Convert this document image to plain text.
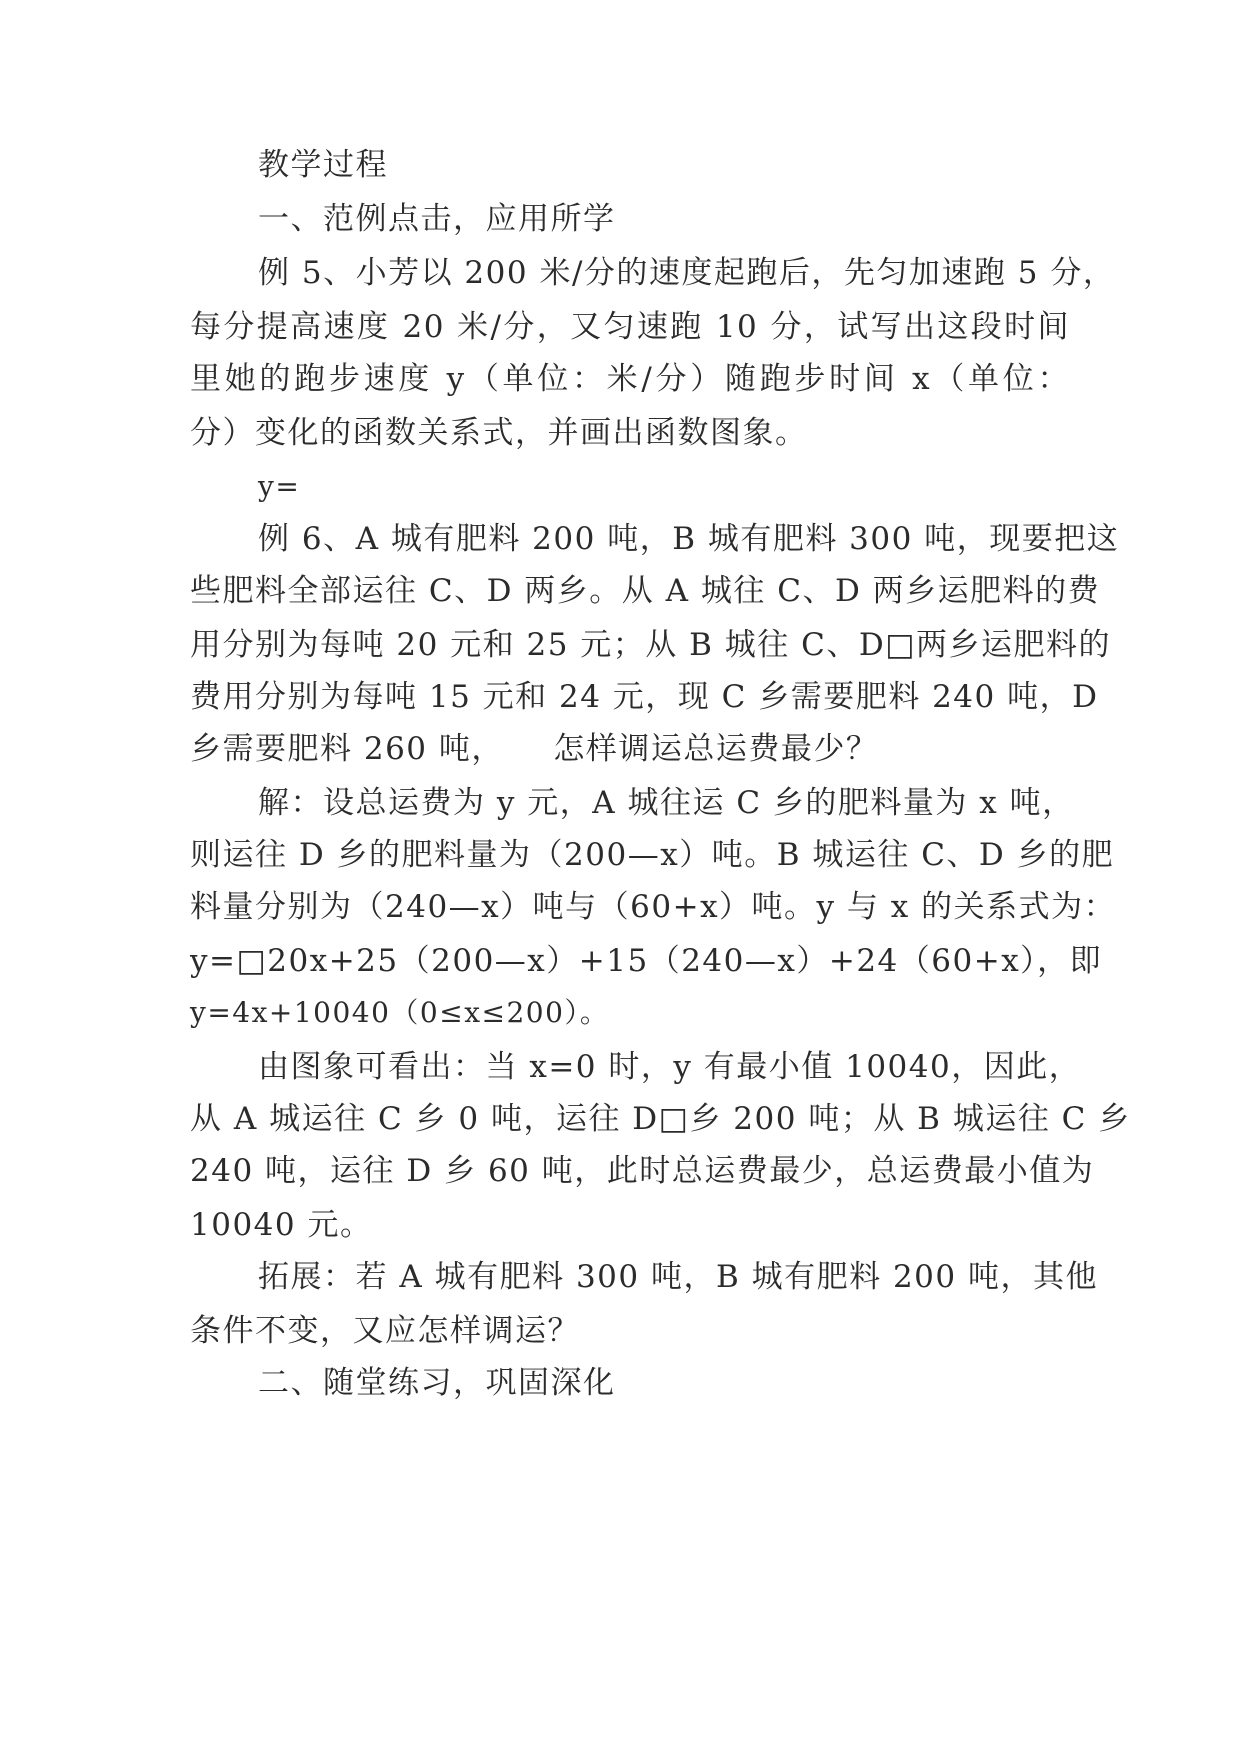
教学过程
一、范例点击，应用所学
例 5、小芳以 200 米/分的速度起跑后，先匀加速跑 5 分，
每分提高速度 20 米/分，又匀速跑 10 分，试写出这段时间
里她的跑步速度 y（单位：米/分）随跑步时间 x（单位：
分）变化的函数关系式，并画出函数图象。
y=
例 6、A 城有肥料 200 吨，B 城有肥料 300 吨，现要把这
些肥料全部运往 C、D 两乡。从 A 城往 C、D 两乡运肥料的费
用分别为每吨 20 元和 25 元；从 B 城往 C、D□两乡运肥料的
费用分别为每吨 15 元和 24 元，现 C 乡需要肥料 240 吨，D
乡需要肥料 260 吨，　　怎样调运总运费最少？
解：设总运费为 y 元，A 城往运 C 乡的肥料量为 x 吨，
则运往 D 乡的肥料量为（200—x）吨。B 城运往 C、D 乡的肥
料量分别为（240—x）吨与（60+x）吨。y 与 x 的关系式为：
y=□20x+25（200—x）+15（240—x）+24（60+x），即
y=4x+10040（0≤x≤200）。
由图象可看出：当 x=0 时，y 有最小值 10040，因此，
从 A 城运往 C 乡 0 吨，运往 D□乡 200 吨；从 B 城运往 C 乡
240 吨，运往 D 乡 60 吨，此时总运费最少，总运费最小值为
10040 元。
拓展：若 A 城有肥料 300 吨，B 城有肥料 200 吨，其他
条件不变，又应怎样调运？
二、随堂练习，巩固深化
